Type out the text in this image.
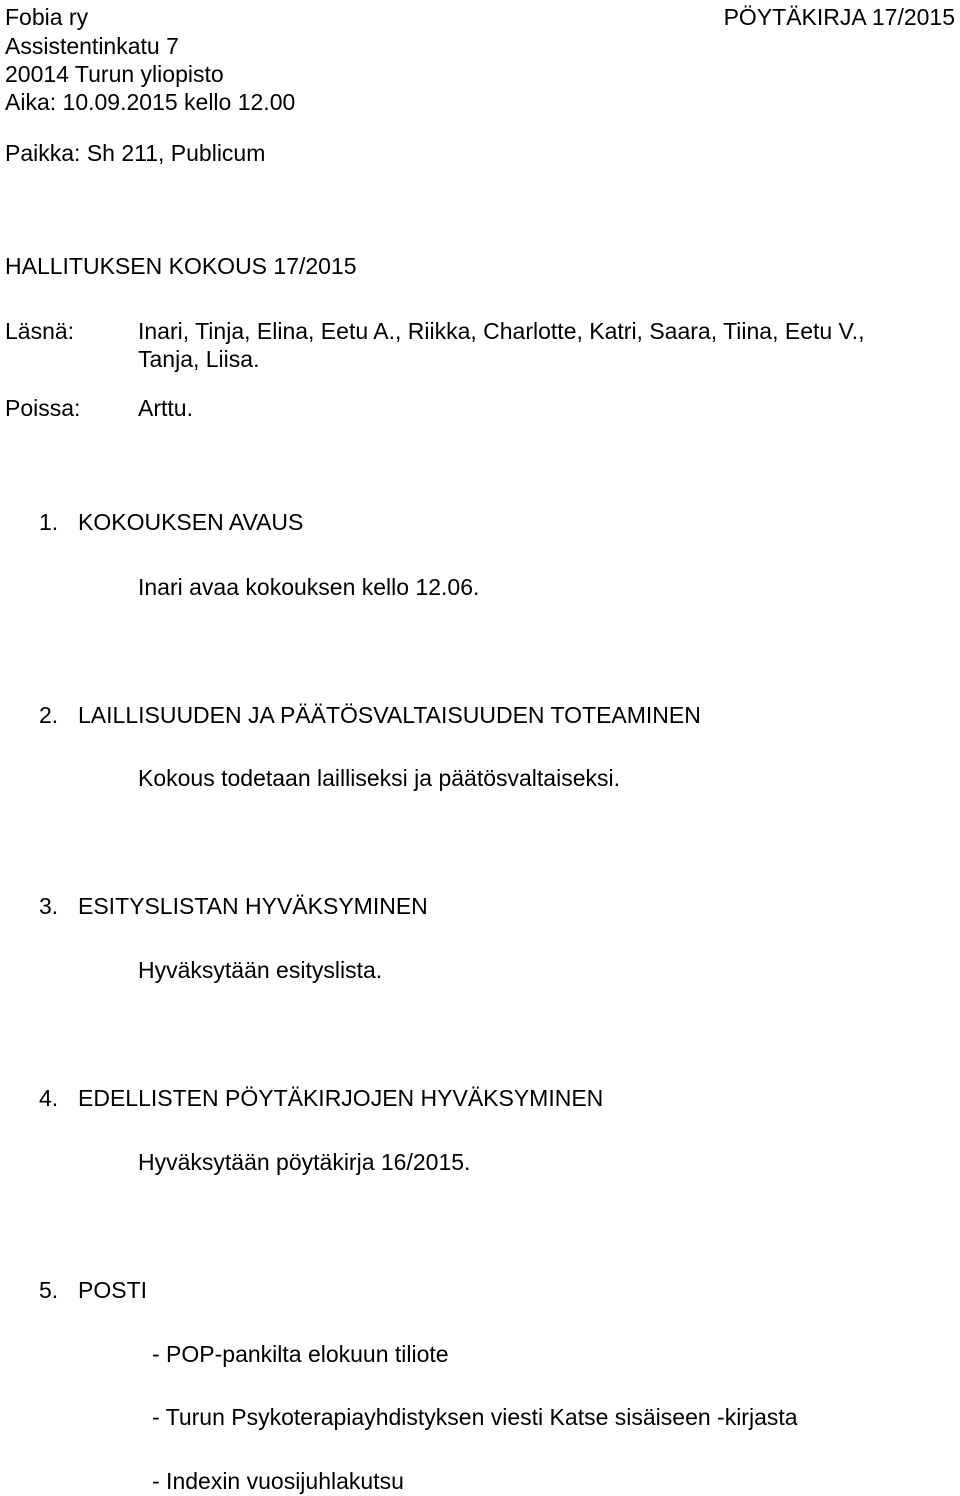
Fobia ry	PÖYTÄKIRJA 17/2015
Assistentinkatu 7
20014 Turun yliopisto
Aika: 10.09.2015 kello 12.00
Paikka: Sh 211, Publicum
HALLITUKSEN KOKOUS 17/2015
Läsnä:	Inari, Tinja, Elina, Eetu A., Riikka, Charlotte, Katri, Saara, Tiina, Eetu V.,
Tanja, Liisa.
Poissa:	Arttu.
1. KOKOUKSEN AVAUS
Inari avaa kokouksen kello 12.06.
2. LAILLISUUDEN JA PÄÄTÖSVALTAISUUDEN TOTEAMINEN
Kokous todetaan lailliseksi ja päätösvaltaiseksi.
3. ESITYSLISTAN HYVÄKSYMINEN
Hyväksytään esityslista.
4. EDELLISTEN PÖYTÄKIRJOJEN HYVÄKSYMINEN
Hyväksytään pöytäkirja 16/2015.
5. POSTI
- POP-pankilta elokuun tiliote
- Turun Psykoterapiayhdistyksen viesti Katse sisäiseen -kirjasta
- Indexin vuosijuhlakutsu
